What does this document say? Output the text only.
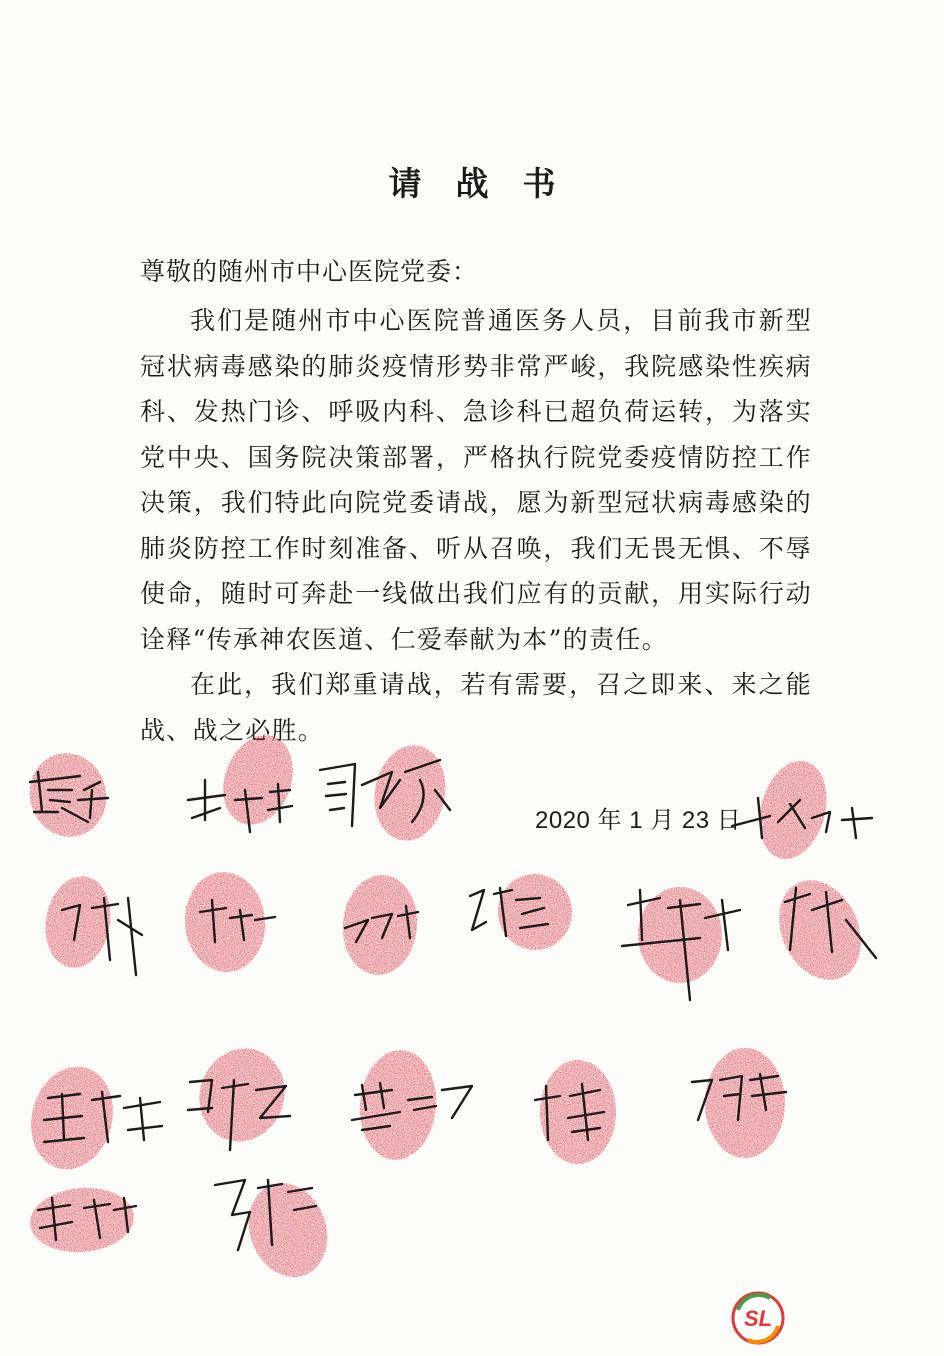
请战书
尊敬的随州市中心医院党委：

我们是随州市中心医院普通医务人员，目前我市新型冠状病毒感染的肺炎疫情形势非常严峻，我院感染性疾病科、发热门诊、呼吸内科、急诊科已超负荷运转，为落实党中央、国务院决策部署，严格执行院党委疫情防控工作决策，我们特此向院党委请战，愿为新型冠状病毒感染的肺炎防控工作时刻准备、听从召唤，我们无畏无惧、不辱使命，随时可奔赴一线做出我们应有的贡献，用实际行动诠释“传承神农医道、仁爱奉献为本”的责任。

在此，我们郑重请战，若有需要，召之即来、来之能战、战之必胜。

2020 年 1 月 23 日
SL
